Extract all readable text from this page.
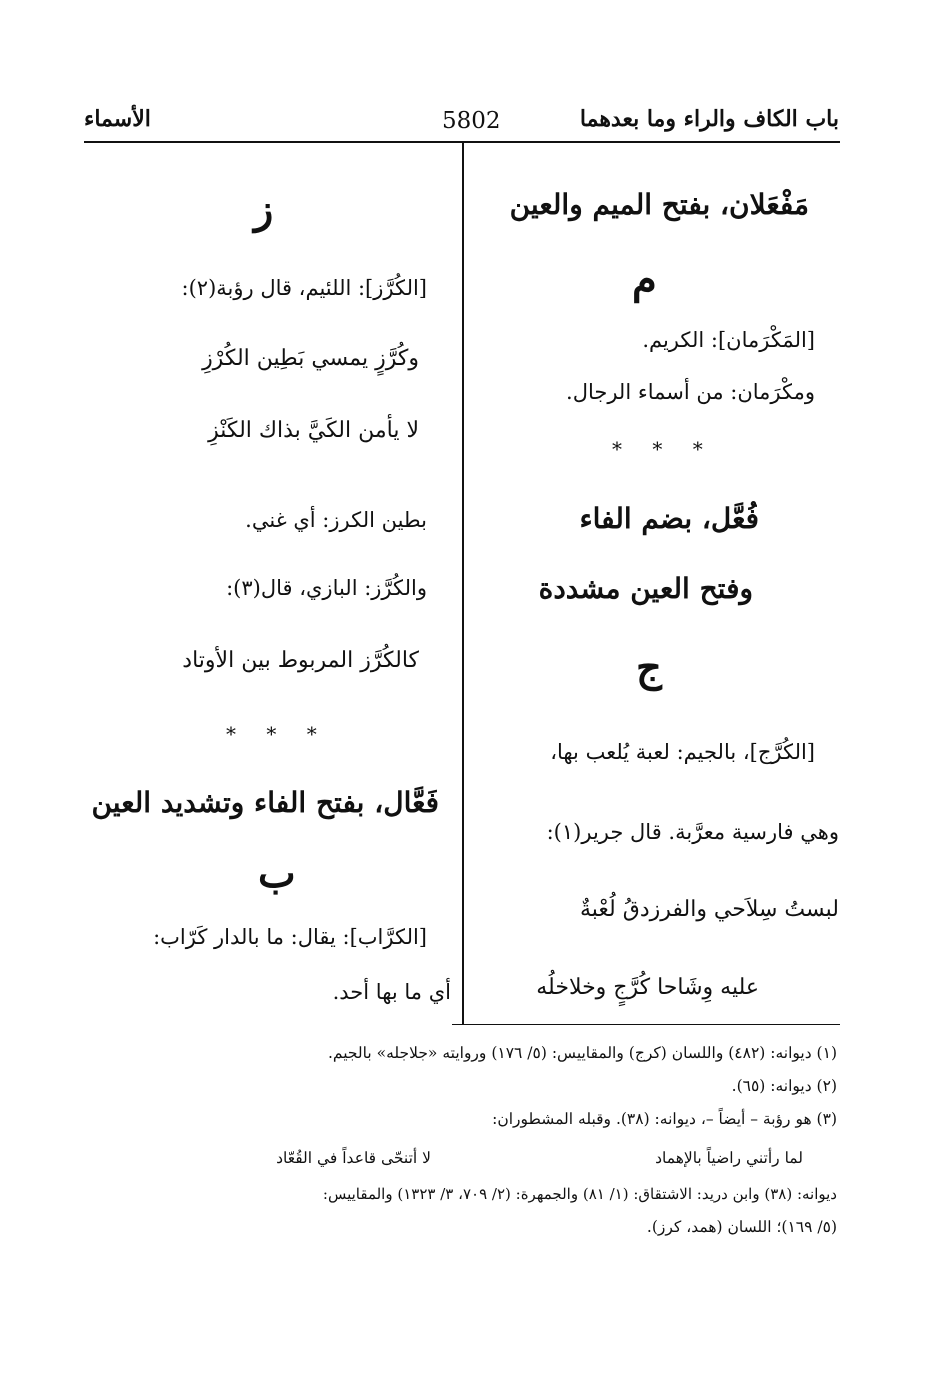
باب الكاف والراء وما بعدهما
5802
الأسماء
مَفْعَلان، بفتح الميم والعين
م
[المَكْرَمان]: الكريم.
ومكْرَمان: من أسماء الرجال.
* * *
فُعَّل، بضم الفاء
وفتح العين مشددة
ج
[الكُرَّج]، بالجيم: لعبة يُلعب بها،
وهي فارسية معرَّبة. قال جرير(١):
لبستُ سِلاَحي والفرزدقُ لُعْبةٌ
عليه وِشَاحا كُرَّجٍ وخلاخلُه
ز
[الكُرَّز]: اللئيم، قال رؤبة(٢):
وكُرَّزٍ يمسي بَطِين الكُرْزِ
لا يأمن الكَيَّ بذاك الكَنْزِ
بطين الكرز: أي غني.
والكُرَّز: البازي، قال(٣):
كالكُرَّز المربوط بين الأوتاد
* * *
فَعَّال، بفتح الفاء وتشديد العين
ب
[الكرَّاب]: يقال: ما بالدار كَرّاب:
أي ما بها أحد.
(١) ديوانه: (٤٨٢) واللسان (كرج) والمقاييس: (٥/ ١٧٦) وروايته «جلاجله» بالجيم.
(٢) ديوانه: (٦٥).
(٣) هو رؤبة – أيضاً –، ديوانه: (٣٨). وقبله المشطوران:
لما رأتني راضياً بالإهماد
لا أتنحّى قاعداً في القُعّاد
ديوانه: (٣٨) وابن دريد: الاشتقاق: (١/ ٨١) والجمهرة: (٢/ ٧٠٩، ٣/ ١٣٢٣) والمقاييس:
(٥/ ١٦٩)؛ اللسان (همد، كرز).
